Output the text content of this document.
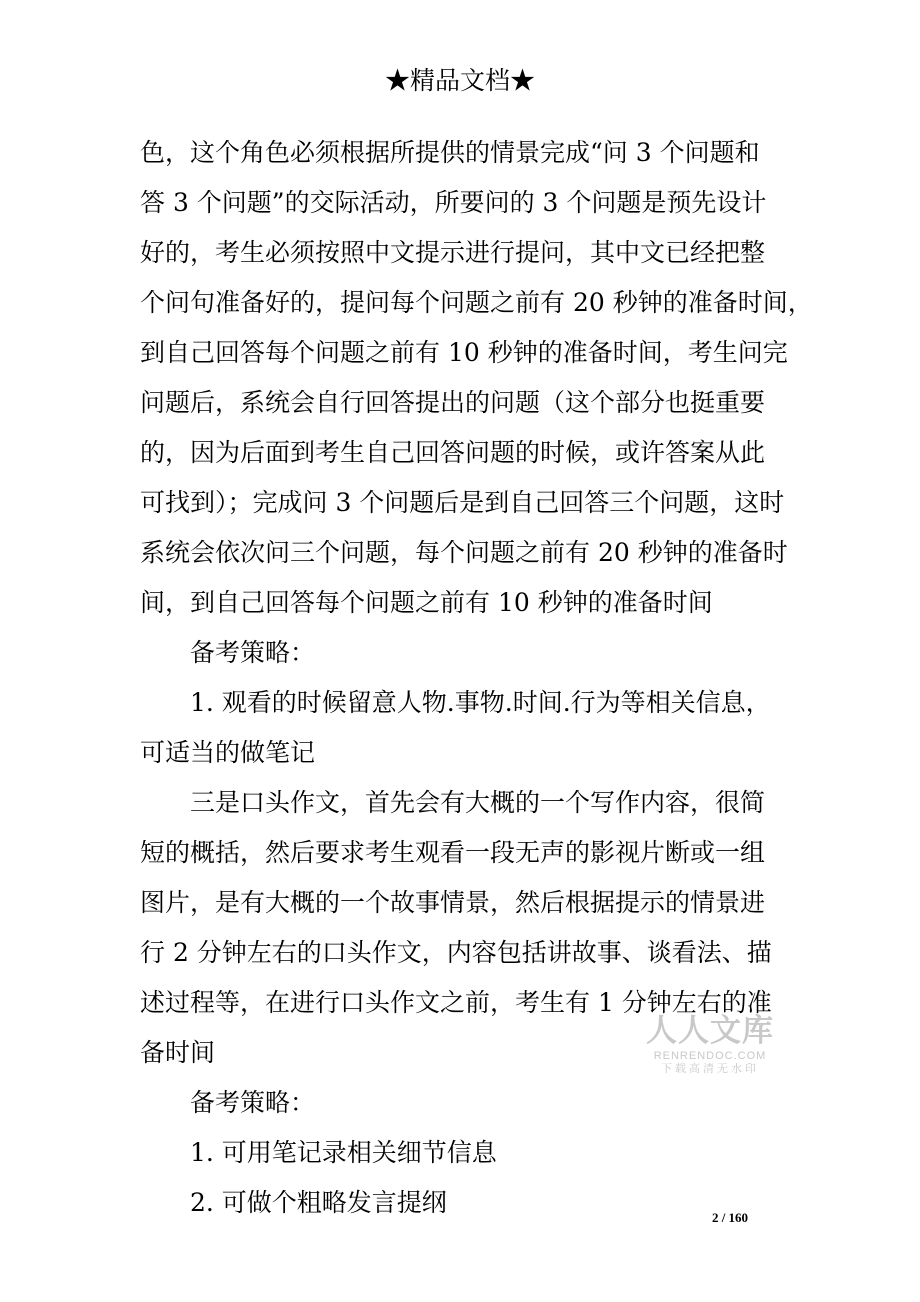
★精品文档★
色，这个角色必须根据所提供的情景完成“问 3 个问题和
答 3 个问题”的交际活动，所要问的 3 个问题是预先设计
好的，考生必须按照中文提示进行提问，其中文已经把整
个问句准备好的，提问每个问题之前有 20 秒钟的准备时间，
到自己回答每个问题之前有 10 秒钟的准备时间，考生问完
问题后，系统会自行回答提出的问题（这个部分也挺重要
的，因为后面到考生自己回答问题的时候，或许答案从此
可找到）；完成问 3 个问题后是到自己回答三个问题，这时
系统会依次问三个问题，每个问题之前有 20 秒钟的准备时
间，到自己回答每个问题之前有 10 秒钟的准备时间
备考策略：
1. 观看的时候留意人物.事物.时间.行为等相关信息，
可适当的做笔记
三是口头作文，首先会有大概的一个写作内容，很简
短的概括，然后要求考生观看一段无声的影视片断或一组
图片，是有大概的一个故事情景，然后根据提示的情景进
行 2 分钟左右的口头作文，内容包括讲故事、谈看法、描
述过程等，在进行口头作文之前，考生有 1 分钟左右的准
备时间
备考策略：
1. 可用笔记录相关细节信息
2. 可做个粗略发言提纲
人人文库
RENRENDOC.COM
下载高清无水印
2 / 160
